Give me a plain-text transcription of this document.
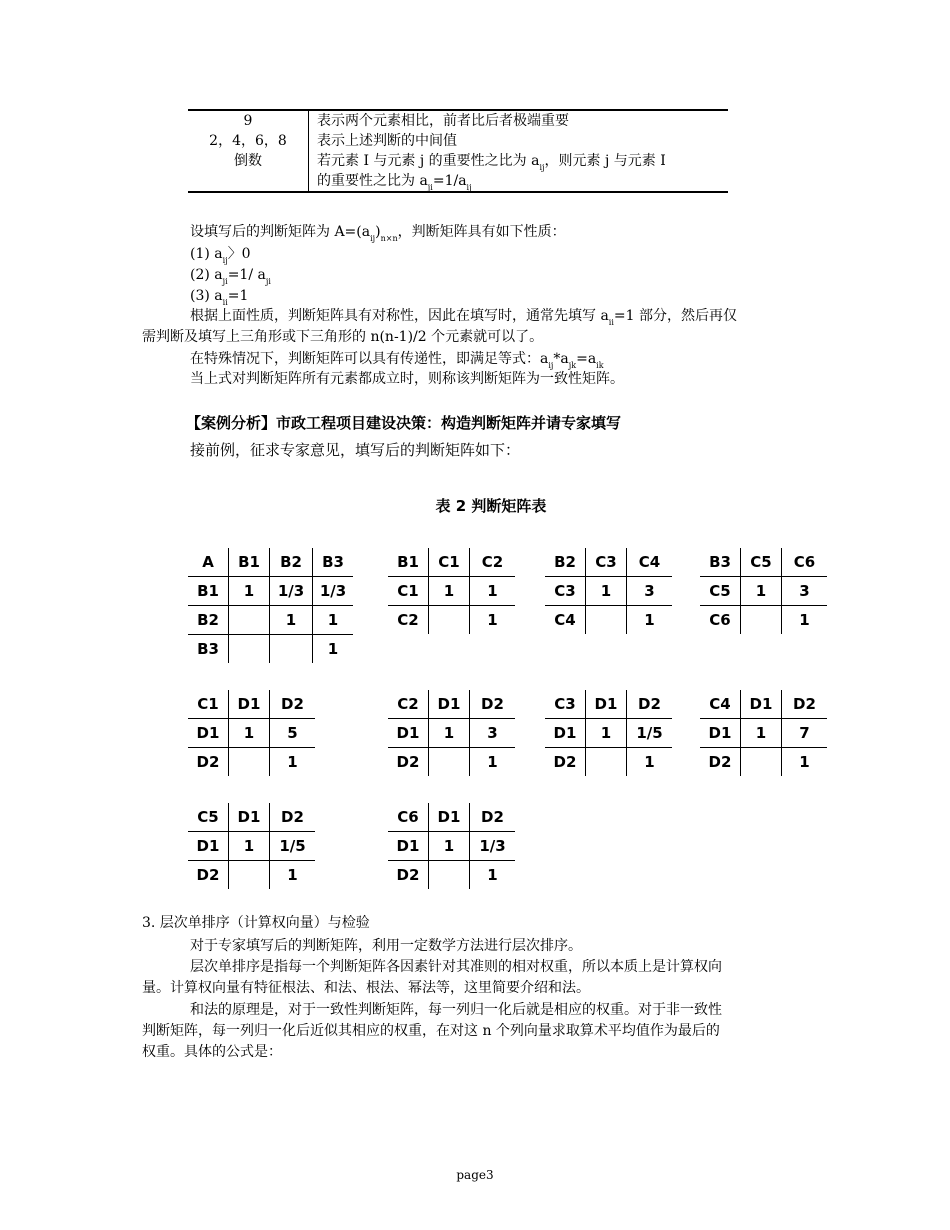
9	表示两个元素相比，前者比后者极端重要
2，4，6，8	表示上述判断的中间值
倒数	若元素 I 与元素 j 的重要性之比为 $a_{ij}$，则元素 j 与元素 I
的重要性之比为 $a_{ji}=1/a_{ij}$
设填写后的判断矩阵为 $A=(a_{ij})_{n\times n}$，判断矩阵具有如下性质：
(1) $a_{ij}$〉0
(2) $a_{ji}=1/$ $a_{ji}$
(3) $a_{ii}=1$
根据上面性质，判断矩阵具有对称性，因此在填写时，通常先填写 $a_{ii}=1$ 部分，然后再仅
需判断及填写上三角形或下三角形的 n(n-1)/2 个元素就可以了。
在特殊情况下，判断矩阵可以具有传递性，即满足等式：$a_{ij}*a_{jk}=a_{ik}$
当上式对判断矩阵所有元素都成立时，则称该判断矩阵为一致性矩阵。
【案例分析】市政工程项目建设决策：构造判断矩阵并请专家填写
接前例，征求专家意见，填写后的判断矩阵如下：
表 2 判断矩阵表
A	B1	B2	B3
B1	1	1/3	1/3
B2		1	1
B3			1
B1	C1	C2
C1	1	1
C2		1
B2	C3	C4
C3	1	3
C4		1
B3	C5	C6
C5	1	3
C6		1
C1	D1	D2
D1	1	5
D2		1
C2	D1	D2
D1	1	3
D2		1
C3	D1	D2
D1	1	1/5
D2		1
C4	D1	D2
D1	1	7
D2		1
C5	D1	D2
D1	1	1/5
D2		1
C6	D1	D2
D1	1	1/3
D2		1
3. 层次单排序（计算权向量）与检验
对于专家填写后的判断矩阵，利用一定数学方法进行层次排序。
层次单排序是指每一个判断矩阵各因素针对其准则的相对权重，所以本质上是计算权向
量。计算权向量有特征根法、和法、根法、幂法等，这里简要介绍和法。
和法的原理是，对于一致性判断矩阵，每一列归一化后就是相应的权重。对于非一致性
判断矩阵，每一列归一化后近似其相应的权重，在对这 n 个列向量求取算术平均值作为最后的
权重。具体的公式是：
page3
